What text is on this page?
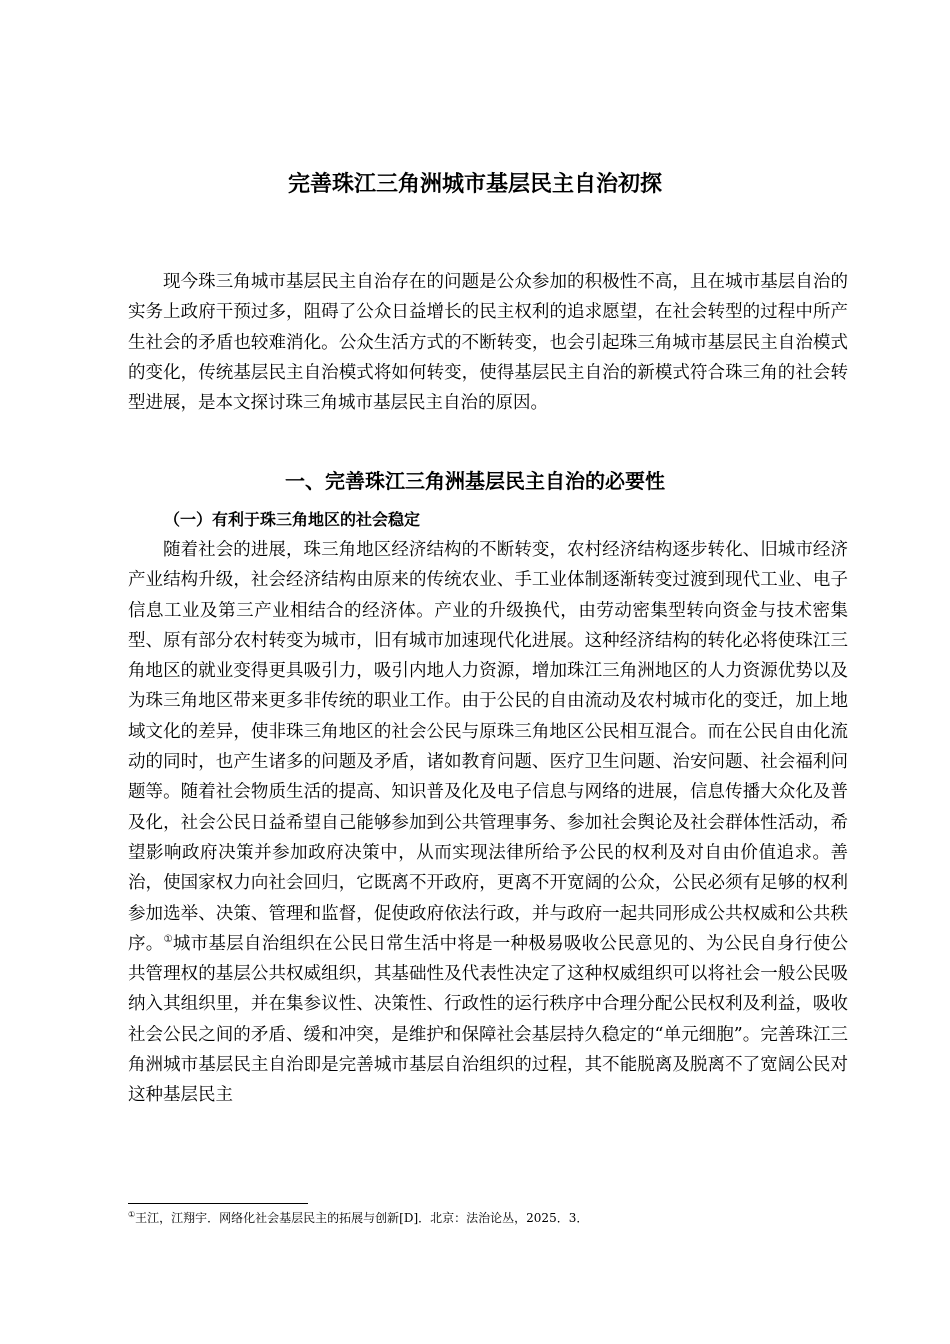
完善珠江三角洲城市基层民主自治初探

现今珠三角城市基层民主自治存在的问题是公众参加的积极性不高，且在城市基层自治的实务上政府干预过多，阻碍了公众日益增长的民主权利的追求愿望，在社会转型的过程中所产生社会的矛盾也较难消化。公众生活方式的不断转变，也会引起珠三角城市基层民主自治模式的变化，传统基层民主自治模式将如何转变，使得基层民主自治的新模式符合珠三角的社会转型进展，是本文探讨珠三角城市基层民主自治的原因。

一、完善珠江三角洲基层民主自治的必要性
（一）有利于珠三角地区的社会稳定

随着社会的进展，珠三角地区经济结构的不断转变，农村经济结构逐步转化、旧城市经济产业结构升级，社会经济结构由原来的传统农业、手工业体制逐渐转变过渡到现代工业、电子信息工业及第三产业相结合的经济体。产业的升级换代，由劳动密集型转向资金与技术密集型、原有部分农村转变为城市，旧有城市加速现代化进展。这种经济结构的转化必将使珠江三角地区的就业变得更具吸引力，吸引内地人力资源，增加珠江三角洲地区的人力资源优势以及为珠三角地区带来更多非传统的职业工作。由于公民的自由流动及农村城市化的变迁，加上地域文化的差异，使非珠三角地区的社会公民与原珠三角地区公民相互混合。而在公民自由化流动的同时，也产生诸多的问题及矛盾，诸如教育问题、医疗卫生问题、治安问题、社会福利问题等。随着社会物质生活的提高、知识普及化及电子信息与网络的进展，信息传播大众化及普及化，社会公民日益希望自己能够参加到公共管理事务、参加社会舆论及社会群体性活动，希望影响政府决策并参加政府决策中，从而实现法律所给予公民的权利及对自由价值追求。善治，使国家权力向社会回归，它既离不开政府，更离不开宽阔的公众，公民必须有足够的权利参加选举、决策、管理和监督，促使政府依法行政，并与政府一起共同形成公共权威和公共秩序。①城市基层自治组织在公民日常生活中将是一种极易吸收公民意见的、为公民自身行使公共管理权的基层公共权威组织，其基础性及代表性决定了这种权威组织可以将社会一般公民吸纳入其组织里，并在集参议性、决策性、行政性的运行秩序中合理分配公民权利及利益，吸收社会公民之间的矛盾、缓和冲突，是维护和保障社会基层持久稳定的“单元细胞”。完善珠江三角洲城市基层民主自治即是完善城市基层自治组织的过程，其不能脱离及脱离不了宽阔公民对这种基层民主

①王江，江翔宇．网络化社会基层民主的拓展与创新[D]．北京：法治论丛，2025．3．
